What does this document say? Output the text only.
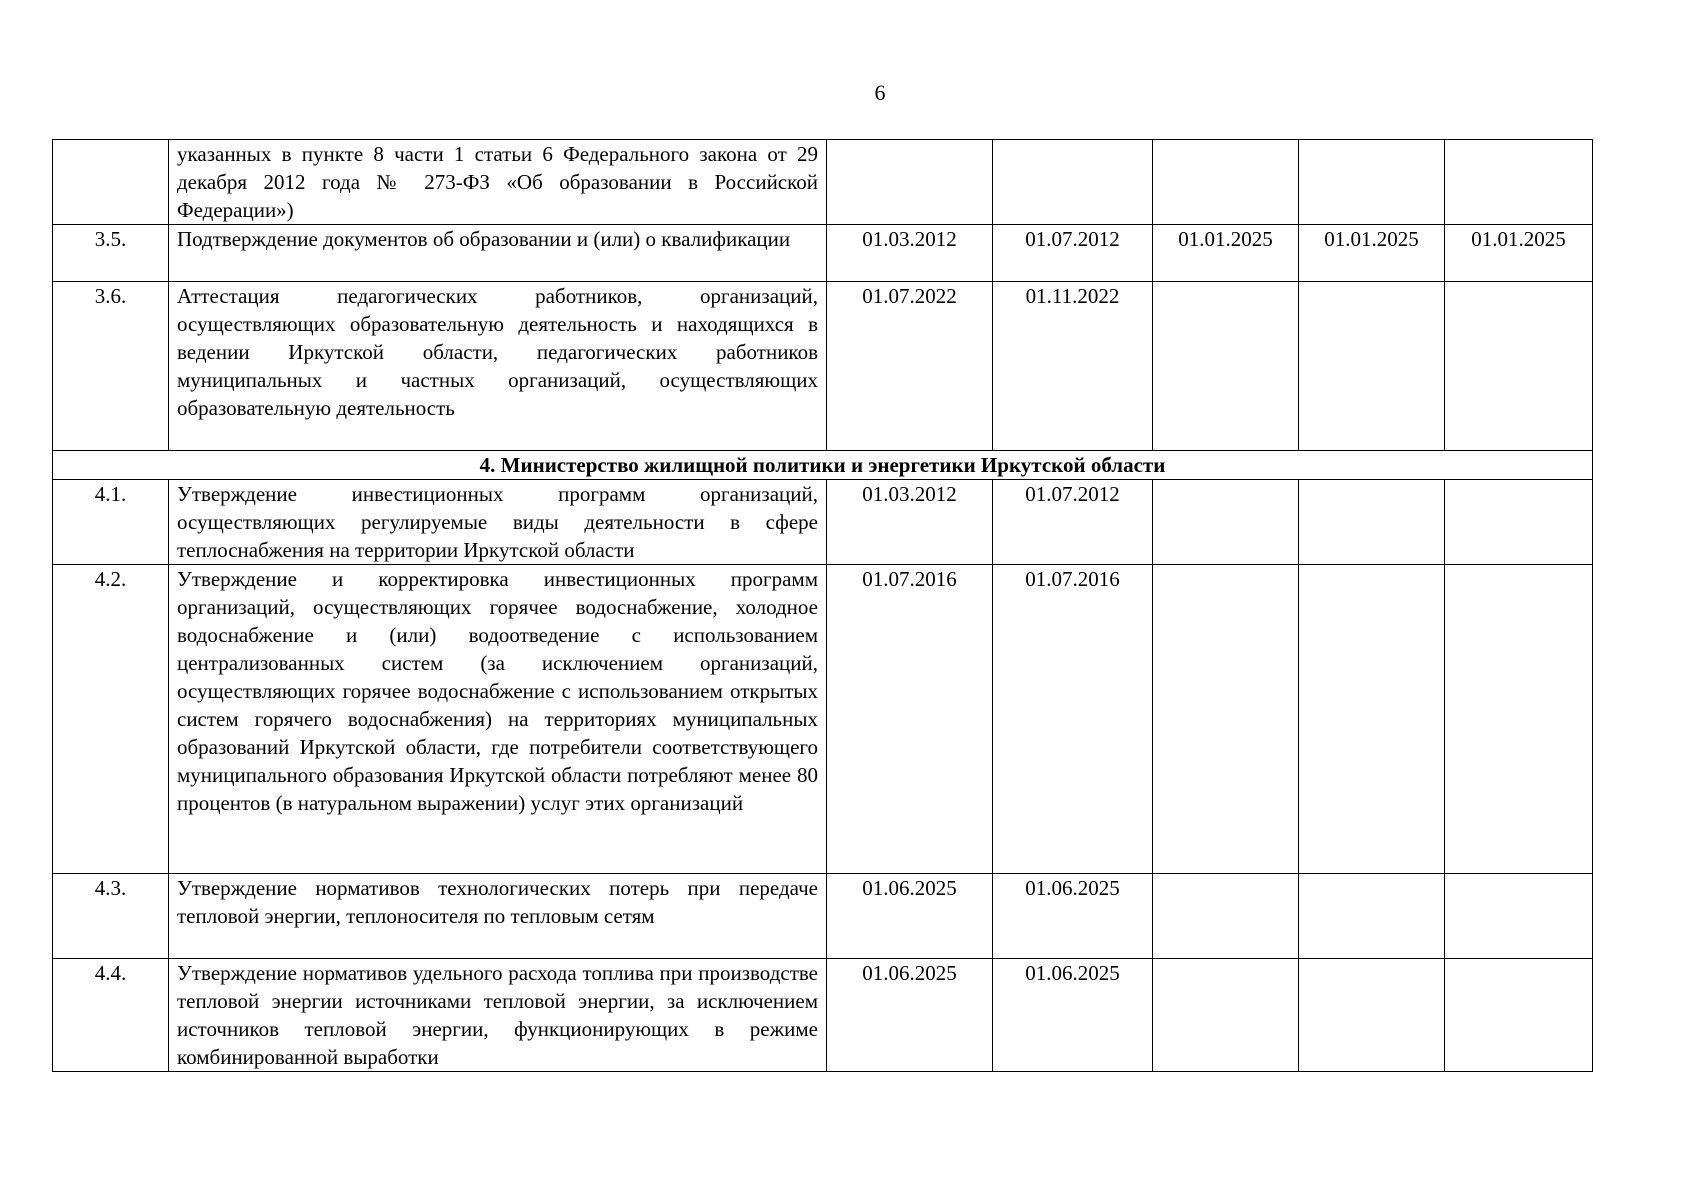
6
	указанных в пункте 8 части 1 статьи 6 Федерального закона от 29 декабря 2012 года № 273-ФЗ «Об образовании в Российской Федерации»)					
3.5.	Подтверждение документов об образовании и (или) о квалификации	01.03.2012	01.07.2012	01.01.2025	01.01.2025	01.01.2025
3.6.	Аттестация педагогических работников, организаций, осуществляющих образовательную деятельность и находящихся в ведении Иркутской области, педагогических работников муниципальных и частных организаций, осуществляющих образовательную деятельность	01.07.2022	01.11.2022			
4. Министерство жилищной политики и энергетики Иркутской области						
4.1.	Утверждение инвестиционных программ организаций, осуществляющих регулируемые виды деятельности в сфере теплоснабжения на территории Иркутской области	01.03.2012	01.07.2012			
4.2.	Утверждение и корректировка инвестиционных программ организаций, осуществляющих горячее водоснабжение, холодное водоснабжение и (или) водоотведение с использованием централизованных систем (за исключением организаций, осуществляющих горячее водоснабжение с использованием открытых систем горячего водоснабжения) на территориях муниципальных образований Иркутской области, где потребители соответствующего муниципального образования Иркутской области потребляют менее 80 процентов (в натуральном выражении) услуг этих организаций	01.07.2016	01.07.2016			
4.3.	Утверждение нормативов технологических потерь при передаче тепловой энергии, теплоносителя по тепловым сетям	01.06.2025	01.06.2025			
4.4.	Утверждение нормативов удельного расхода топлива при производстве тепловой энергии источниками тепловой энергии, за исключением источников тепловой энергии, функционирующих в режиме комбинированной выработки	01.06.2025	01.06.2025			
